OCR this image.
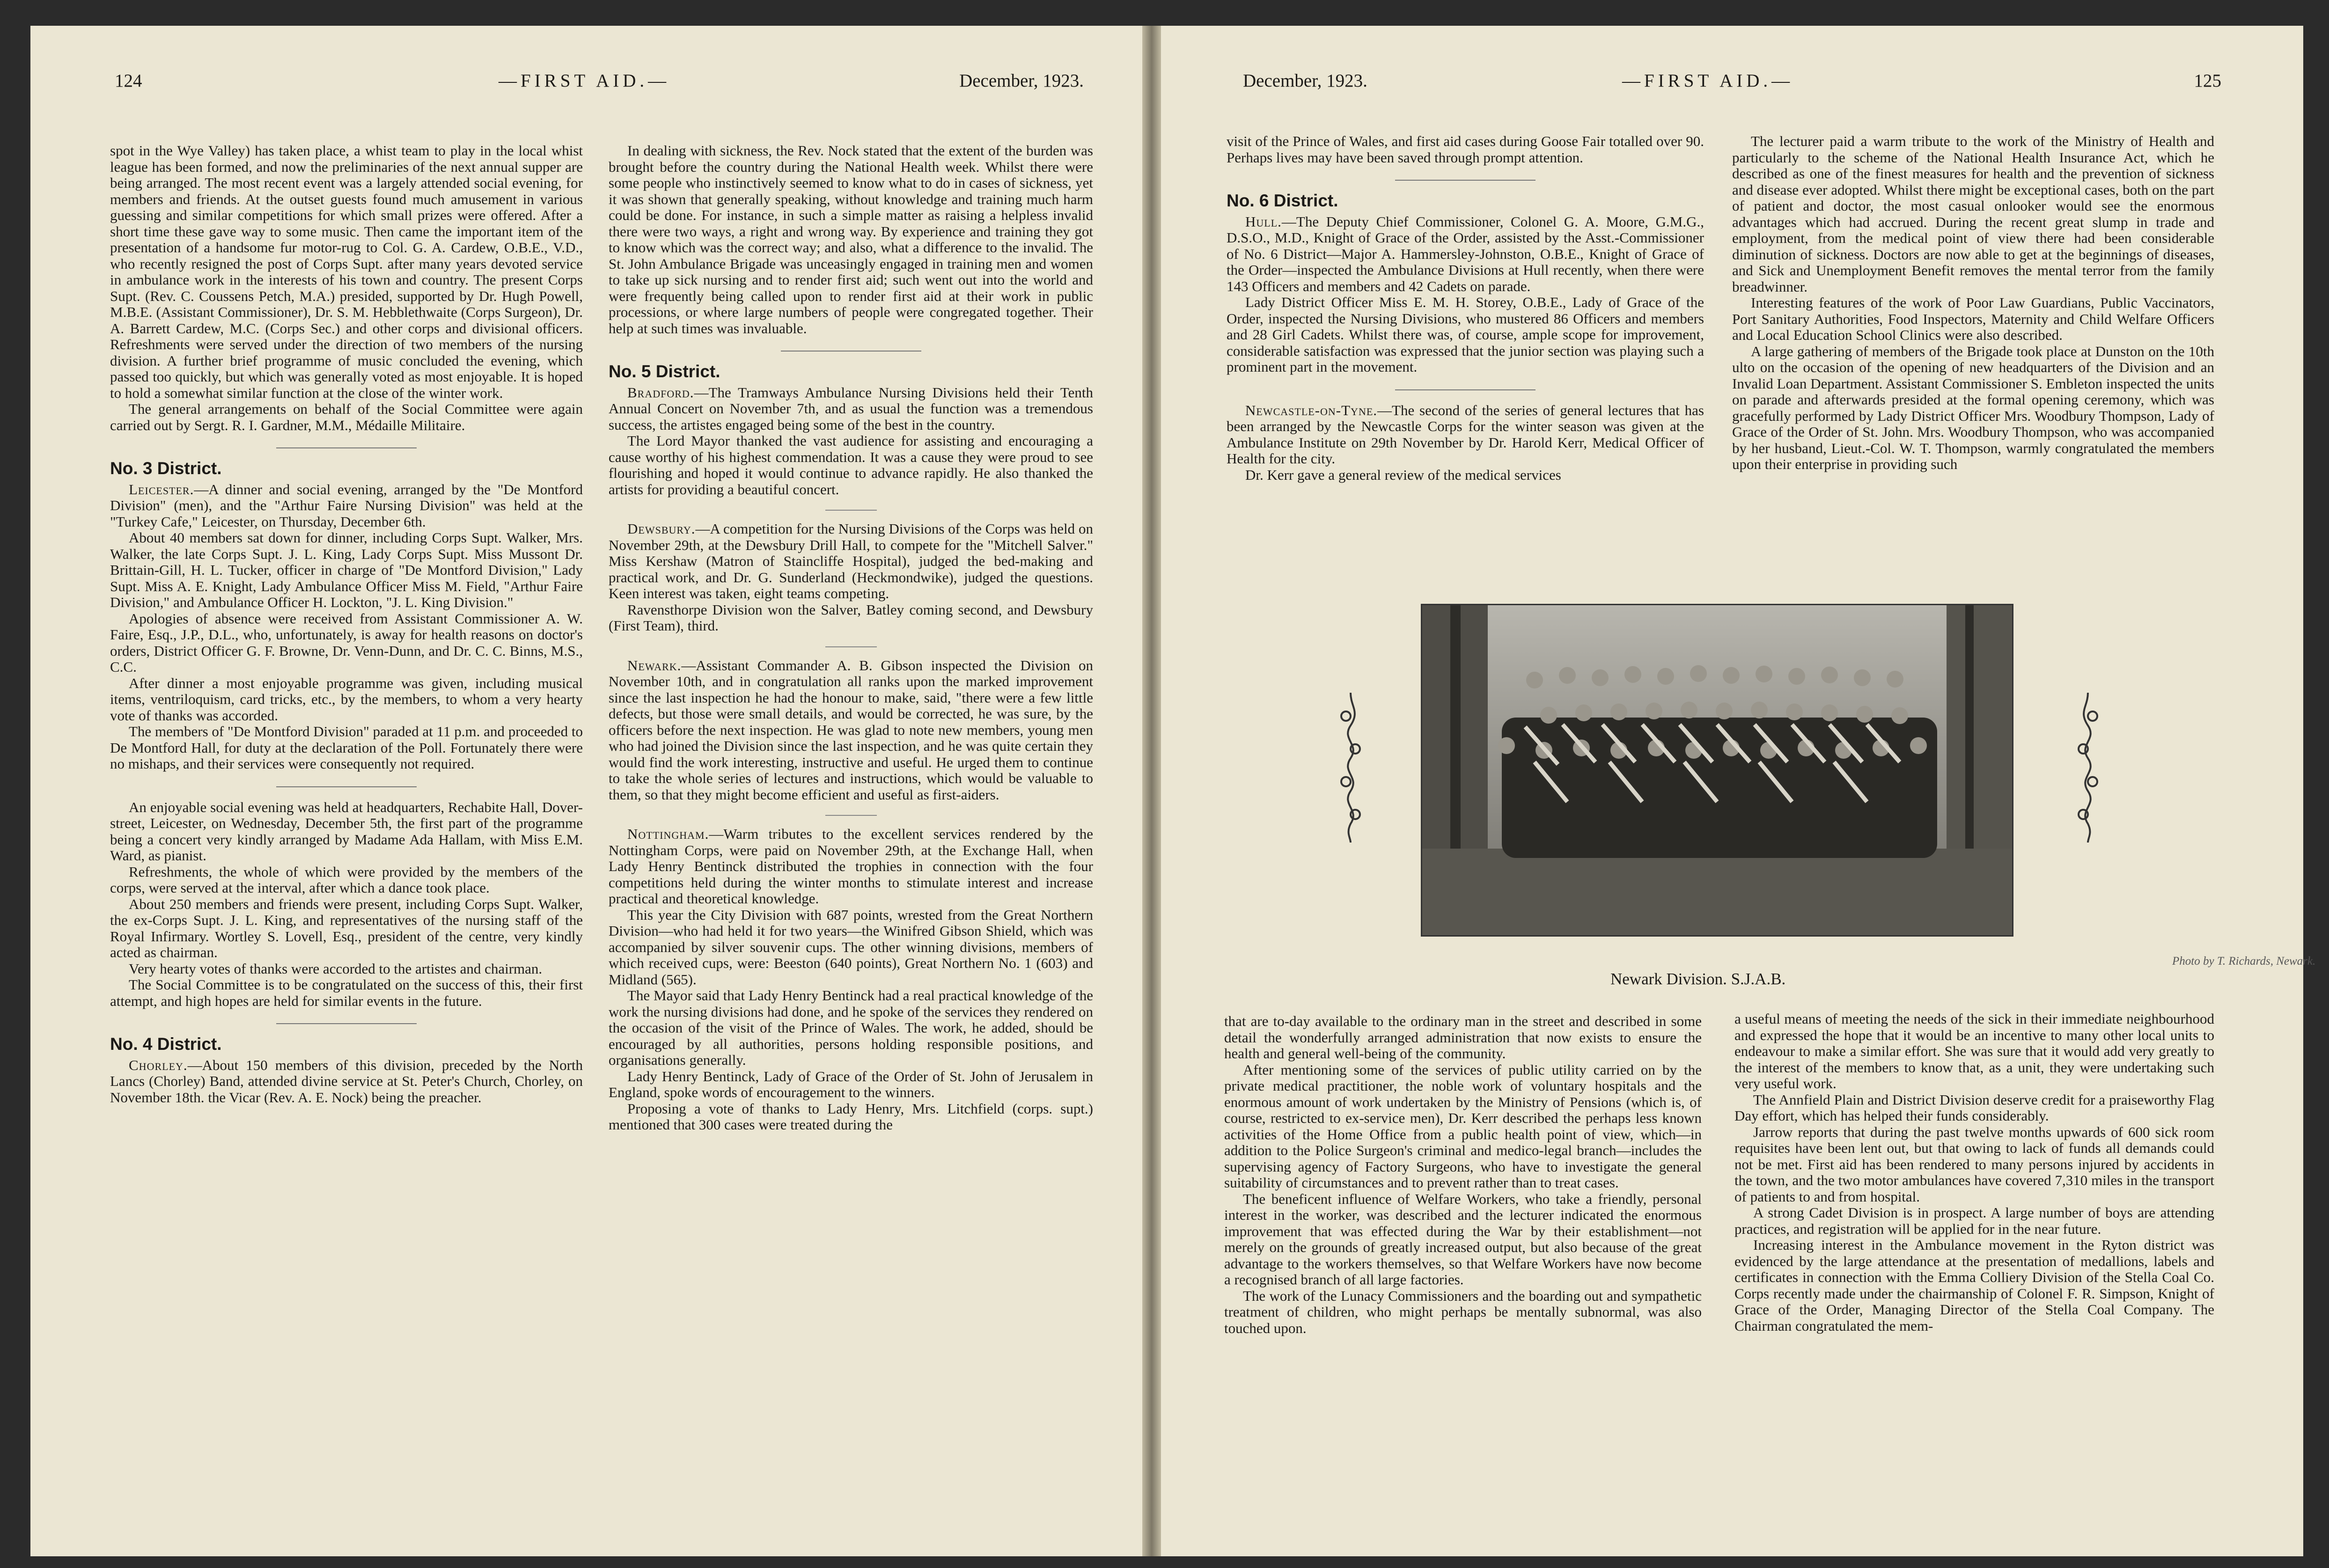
124	—FIRST AID.—	December, 1923.

spot in the Wye Valley) has taken place, a whist team to play in the local whist league has been formed, and now the preliminaries of the next annual supper are being arranged. The most recent event was a largely attended social evening, for members and friends. At the outset guests found much amusement in various guessing and similar competitions for which small prizes were offered. After a short time these gave way to some music. Then came the important item of the presentation of a handsome fur motor-rug to Col. G. A. Cardew, O.B.E., V.D., who recently resigned the post of Corps Supt. after many years devoted service in ambulance work in the interests of his town and country. The present Corps Supt. (Rev. C. Coussens Petch, M.A.) presided, supported by Dr. Hugh Powell, M.B.E. (Assistant Commissioner), Dr. S. M. Hebblethwaite (Corps Surgeon), Dr. A. Barrett Cardew, M.C. (Corps Sec.) and other corps and divisional officers. Refreshments were served under the direction of two members of the nursing division. A further brief programme of music concluded the evening, which passed too quickly, but which was generally voted as most enjoyable. It is hoped to hold a somewhat similar function at the close of the winter work.

The general arrangements on behalf of the Social Committee were again carried out by Sergt. R. I. Gardner, M.M., Médaille Militaire.

No. 3 District.

Leicester.—A dinner and social evening, arranged by the "De Montford Division" (men), and the "Arthur Faire Nursing Division" was held at the "Turkey Cafe," Leicester, on Thursday, December 6th.

About 40 members sat down for dinner, including Corps Supt. Walker, Mrs. Walker, the late Corps Supt. J. L. King, Lady Corps Supt. Miss Mussont Dr. Brittain-Gill, H. L. Tucker, officer in charge of "De Montford Division," Lady Supt. Miss A. E. Knight, Lady Ambulance Officer Miss M. Field, "Arthur Faire Division," and Ambulance Officer H. Lockton, "J. L. King Division."

Apologies of absence were received from Assistant Commissioner A. W. Faire, Esq., J.P., D.L., who, unfortunately, is away for health reasons on doctor's orders, District Officer G. F. Browne, Dr. Venn-Dunn, and Dr. C. C. Binns, M.S., C.C.

After dinner a most enjoyable programme was given, including musical items, ventriloquism, card tricks, etc., by the members, to whom a very hearty vote of thanks was accorded.

The members of "De Montford Division" paraded at 11 p.m. and proceeded to De Montford Hall, for duty at the declaration of the Poll. Fortunately there were no mishaps, and their services were consequently not required.

An enjoyable social evening was held at headquarters, Rechabite Hall, Dover-street, Leicester, on Wednesday, December 5th, the first part of the programme being a concert very kindly arranged by Madame Ada Hallam, with Miss E.M. Ward, as pianist.

Refreshments, the whole of which were provided by the members of the corps, were served at the interval, after which a dance took place.

About 250 members and friends were present, including Corps Supt. Walker, the ex-Corps Supt. J. L. King, and representatives of the nursing staff of the Royal Infirmary. Wortley S. Lovell, Esq., president of the centre, very kindly acted as chairman.

Very hearty votes of thanks were accorded to the artistes and chairman.

The Social Committee is to be congratulated on the success of this, their first attempt, and high hopes are held for similar events in the future.

No. 4 District.

Chorley.—About 150 members of this division, preceded by the North Lancs (Chorley) Band, attended divine service at St. Peter's Church, Chorley, on November 18th. the Vicar (Rev. A. E. Nock) being the preacher.

In dealing with sickness, the Rev. Nock stated that the extent of the burden was brought before the country during the National Health week. Whilst there were some people who instinctively seemed to know what to do in cases of sickness, yet it was shown that generally speaking, without knowledge and training much harm could be done. For instance, in such a simple matter as raising a helpless invalid there were two ways, a right and wrong way. By experience and training they got to know which was the correct way; and also, what a difference to the invalid. The St. John Ambulance Brigade was unceasingly engaged in training men and women to take up sick nursing and to render first aid; such went out into the world and were frequently being called upon to render first aid at their work in public processions, or where large numbers of people were congregated together. Their help at such times was invaluable.

No. 5 District.

Bradford.—The Tramways Ambulance Nursing Divisions held their Tenth Annual Concert on November 7th, and as usual the function was a tremendous success, the artistes engaged being some of the best in the country.

The Lord Mayor thanked the vast audience for assisting and encouraging a cause worthy of his highest commendation. It was a cause they were proud to see flourishing and hoped it would continue to advance rapidly. He also thanked the artists for providing a beautiful concert.

Dewsbury.—A competition for the Nursing Divisions of the Corps was held on November 29th, at the Dewsbury Drill Hall, to compete for the "Mitchell Salver." Miss Kershaw (Matron of Staincliffe Hospital), judged the bed-making and practical work, and Dr. G. Sunderland (Heckmondwike), judged the questions. Keen interest was taken, eight teams competing.

Ravensthorpe Division won the Salver, Batley coming second, and Dewsbury (First Team), third.

Newark.—Assistant Commander A. B. Gibson inspected the Division on November 10th, and in congratulation all ranks upon the marked improvement since the last inspection he had the honour to make, said, "there were a few little defects, but those were small details, and would be corrected, he was sure, by the officers before the next inspection. He was glad to note new members, young men who had joined the Division since the last inspection, and he was quite certain they would find the work interesting, instructive and useful. He urged them to continue to take the whole series of lectures and instructions, which would be valuable to them, so that they might become efficient and useful as first-aiders.

Nottingham.—Warm tributes to the excellent services rendered by the Nottingham Corps, were paid on November 29th, at the Exchange Hall, when Lady Henry Bentinck distributed the trophies in connection with the four competitions held during the winter months to stimulate interest and increase practical and theoretical knowledge.

This year the City Division with 687 points, wrested from the Great Northern Division—who had held it for two years—the Winifred Gibson Shield, which was accompanied by silver souvenir cups. The other winning divisions, members of which received cups, were: Beeston (640 points), Great Northern No. 1 (603) and Midland (565).

The Mayor said that Lady Henry Bentinck had a real practical knowledge of the work the nursing divisions had done, and he spoke of the services they rendered on the occasion of the visit of the Prince of Wales. The work, he added, should be encouraged by all authorities, persons holding responsible positions, and organisations generally.

Lady Henry Bentinck, Lady of Grace of the Order of St. John of Jerusalem in England, spoke words of encouragement to the winners.

Proposing a vote of thanks to Lady Henry, Mrs. Litchfield (corps. supt.) mentioned that 300 cases were treated during the

December, 1923.	—FIRST AID.—	125

visit of the Prince of Wales, and first aid cases during Goose Fair totalled over 90. Perhaps lives may have been saved through prompt attention.

No. 6 District.

Hull.—The Deputy Chief Commissioner, Colonel G. A. Moore, G.M.G., D.S.O., M.D., Knight of Grace of the Order, assisted by the Asst.-Commissioner of No. 6 District—Major A. Hammersley-Johnston, O.B.E., Knight of Grace of the Order—inspected the Ambulance Divisions at Hull recently, when there were 143 Officers and members and 42 Cadets on parade.

Lady District Officer Miss E. M. H. Storey, O.B.E., Lady of Grace of the Order, inspected the Nursing Divisions, who mustered 86 Officers and members and 28 Girl Cadets. Whilst there was, of course, ample scope for improvement, considerable satisfaction was expressed that the junior section was playing such a prominent part in the movement.

Newcastle-on-Tyne.—The second of the series of general lectures that has been arranged by the Newcastle Corps for the winter season was given at the Ambulance Institute on 29th November by Dr. Harold Kerr, Medical Officer of Health for the city.

Dr. Kerr gave a general review of the medical services

The lecturer paid a warm tribute to the work of the Ministry of Health and particularly to the scheme of the National Health Insurance Act, which he described as one of the finest measures for health and the prevention of sickness and disease ever adopted. Whilst there might be exceptional cases, both on the part of patient and doctor, the most casual onlooker would see the enormous advantages which had accrued. During the recent great slump in trade and employment, from the medical point of view there had been considerable diminution of sickness. Doctors are now able to get at the beginnings of diseases, and Sick and Unemployment Benefit removes the mental terror from the family breadwinner.

Interesting features of the work of Poor Law Guardians, Public Vaccinators, Port Sanitary Authorities, Food Inspectors, Maternity and Child Welfare Officers and Local Education School Clinics were also described.

A large gathering of members of the Brigade took place at Dunston on the 10th ulto on the occasion of the opening of new headquarters of the Division and an Invalid Loan Department. Assistant Commissioner S. Embleton inspected the units on parade and afterwards presided at the formal opening ceremony, which was gracefully performed by Lady District Officer Mrs. Woodbury Thompson, Lady of Grace of the Order of St. John. Mrs. Woodbury Thompson, who was accompanied by her husband, Lieut.-Col. W. T. Thompson, warmly congratulated the members upon their enterprise in providing such

Photo by T. Richards, Newark.
Newark Division. S.J.A.B.

that are to-day available to the ordinary man in the street and described in some detail the wonderfully arranged administration that now exists to ensure the health and general well-being of the community.

After mentioning some of the services of public utility carried on by the private medical practitioner, the noble work of voluntary hospitals and the enormous amount of work undertaken by the Ministry of Pensions (which is, of course, restricted to ex-service men), Dr. Kerr described the perhaps less known activities of the Home Office from a public health point of view, which—in addition to the Police Surgeon's criminal and medico-legal branch—includes the supervising agency of Factory Surgeons, who have to investigate the general suitability of circumstances and to prevent rather than to treat cases.

The beneficent influence of Welfare Workers, who take a friendly, personal interest in the worker, was described and the lecturer indicated the enormous improvement that was effected during the War by their establishment—not merely on the grounds of greatly increased output, but also because of the great advantage to the workers themselves, so that Welfare Workers have now become a recognised branch of all large factories.

The work of the Lunacy Commissioners and the boarding out and sympathetic treatment of children, who might perhaps be mentally subnormal, was also touched upon.

a useful means of meeting the needs of the sick in their immediate neighbourhood and expressed the hope that it would be an incentive to many other local units to endeavour to make a similar effort. She was sure that it would add very greatly to the interest of the members to know that, as a unit, they were undertaking such very useful work.

The Annfield Plain and District Division deserve credit for a praiseworthy Flag Day effort, which has helped their funds considerably.

Jarrow reports that during the past twelve months upwards of 600 sick room requisites have been lent out, but that owing to lack of funds all demands could not be met. First aid has been rendered to many persons injured by accidents in the town, and the two motor ambulances have covered 7,310 miles in the transport of patients to and from hospital.

A strong Cadet Division is in prospect. A large number of boys are attending practices, and registration will be applied for in the near future.

Increasing interest in the Ambulance movement in the Ryton district was evidenced by the large attendance at the presentation of medallions, labels and certificates in connection with the Emma Colliery Division of the Stella Coal Co. Corps recently made under the chairmanship of Colonel F. R. Simpson, Knight of Grace of the Order, Managing Director of the Stella Coal Company. The Chairman congratulated the mem-
